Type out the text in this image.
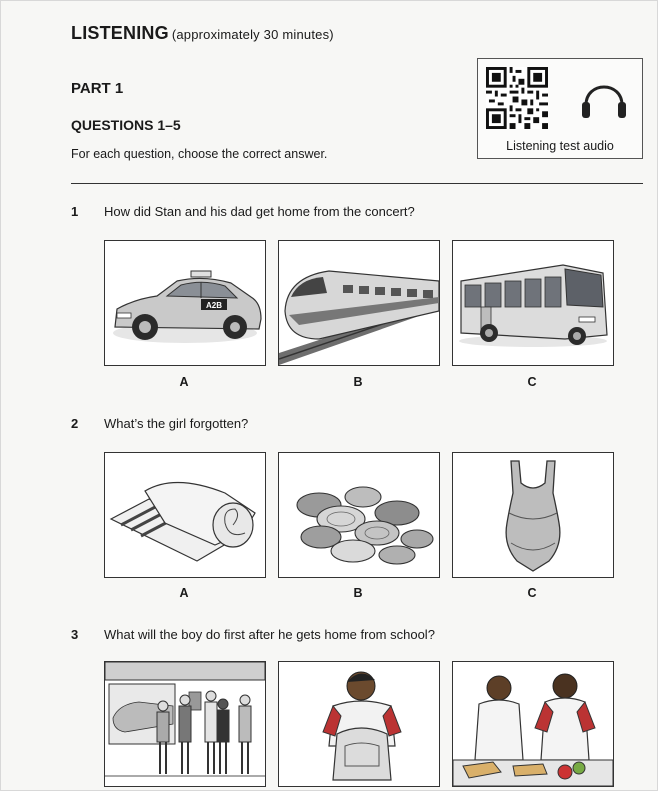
LISTENING (approximately 30 minutes)
PART 1
QUESTIONS 1–5
For each question, choose the correct answer.
Listening test audio
1 How did Stan and his dad get home from the concert?
A2B
A	B	C
2 What’s the girl forgotten?
A	B	C
3 What will the boy do first after he gets home from school?
